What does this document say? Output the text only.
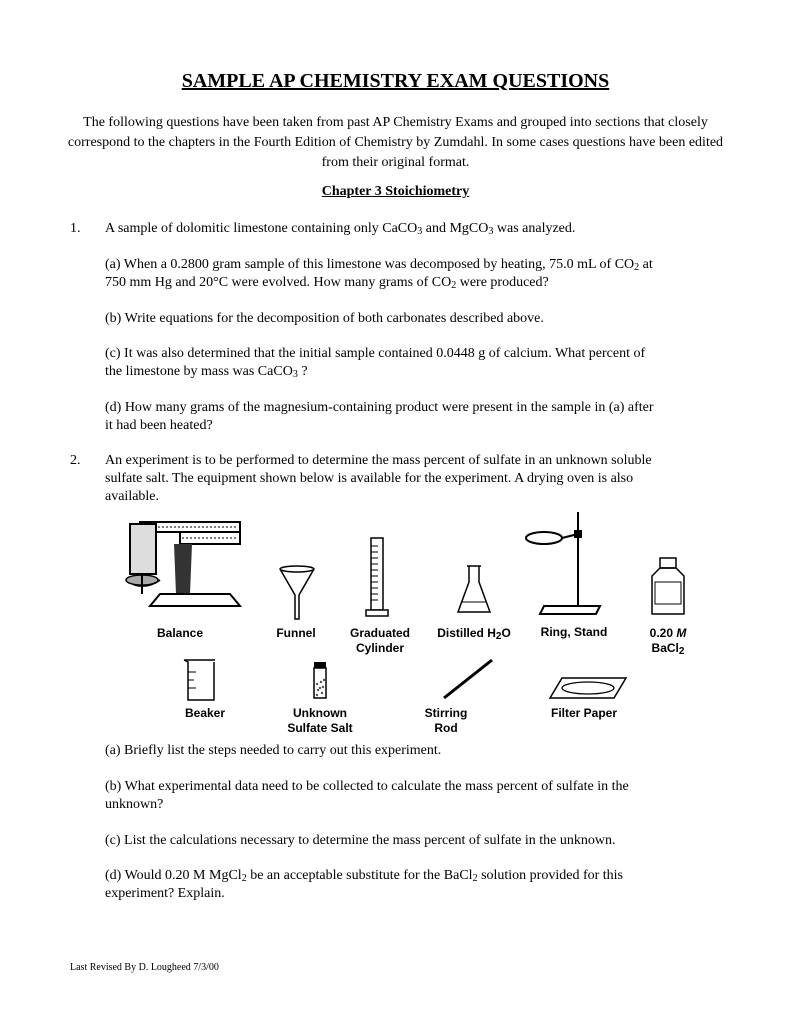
SAMPLE AP CHEMISTRY EXAM QUESTIONS
The following questions have been taken from past AP Chemistry Exams and grouped into sections that closely correspond to the chapters in the Fourth Edition of Chemistry by Zumdahl. In some cases questions have been edited from their original format.
Chapter 3 Stoichiometry
1. A sample of dolomitic limestone containing only CaCO$_3$ and MgCO$_3$ was analyzed.
(a) When a 0.2800 gram sample of this limestone was decomposed by heating, 75.0 mL of $CO_2$ at
750 mm Hg and 20°C were evolved. How many grams of $CO_2$ were produced?
(b) Write equations for the decomposition of both carbonates described above.
(c) It was also determined that the initial sample contained 0.0448 g of calcium. What percent of
the limestone by mass was CaCO$_3$ ?
(d) How many grams of the magnesium-containing product were present in the sample in (a) after
it had been heated?
2. An experiment is to be performed to determine the mass percent of sulfate in an unknown soluble
sulfate salt. The equipment shown below is available for the experiment. A drying oven is also
available.
Balance	Funnel	Graduated
Cylinder
Distilled $H_2O$	Ring, Stand	0.20 M
BaCl$_2$
Beaker	Unknown
Sulfate Salt
Stirring
Rod
Filter Paper
(a) Briefly list the steps needed to carry out this experiment.
(b) What experimental data need to be collected to calculate the mass percent of sulfate in the
unknown?
(c) List the calculations necessary to determine the mass percent of sulfate in the unknown.
(d) Would 0.20 M MgCl$_2$ be an acceptable substitute for the BaCl$_2$ solution provided for this
experiment? Explain.
Last Revised By D. Lougheed 7/3/00
